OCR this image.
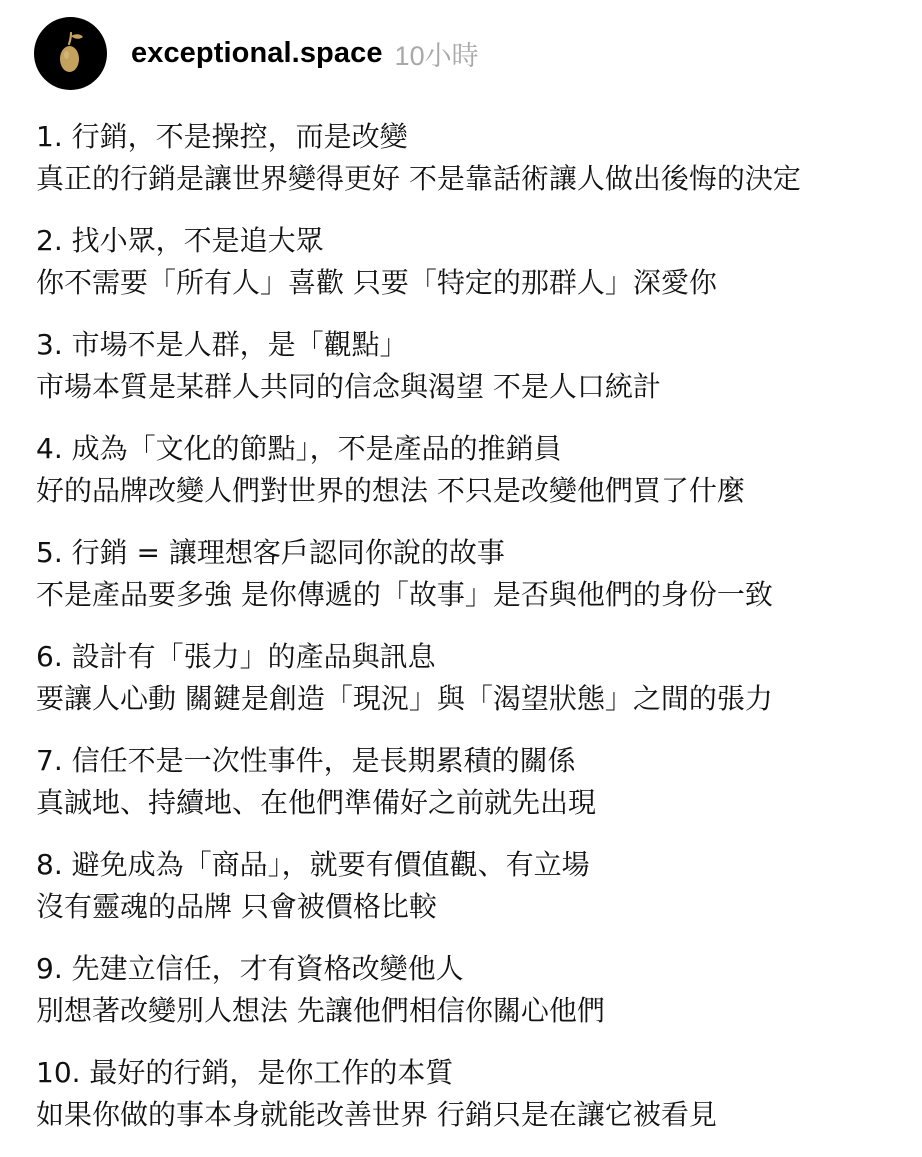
exceptional.space 10小時
1. 行銷，不是操控，而是改變
真正的行銷是讓世界變得更好 不是靠話術讓人做出後悔的決定
2. 找小眾，不是追大眾
你不需要「所有人」喜歡 只要「特定的那群人」深愛你
3. 市場不是人群，是「觀點」
市場本質是某群人共同的信念與渴望 不是人口統計
4. 成為「文化的節點」，不是產品的推銷員
好的品牌改變人們對世界的想法 不只是改變他們買了什麼
5. 行銷 = 讓理想客戶認同你說的故事
不是產品要多強 是你傳遞的「故事」是否與他們的身份一致
6. 設計有「張力」的產品與訊息
要讓人心動 關鍵是創造「現況」與「渴望狀態」之間的張力
7. 信任不是一次性事件，是長期累積的關係
真誠地、持續地、在他們準備好之前就先出現
8. 避免成為「商品」，就要有價值觀、有立場
沒有靈魂的品牌 只會被價格比較
9. 先建立信任，才有資格改變他人
別想著改變別人想法 先讓他們相信你關心他們
10. 最好的行銷，是你工作的本質
如果你做的事本身就能改善世界 行銷只是在讓它被看見
